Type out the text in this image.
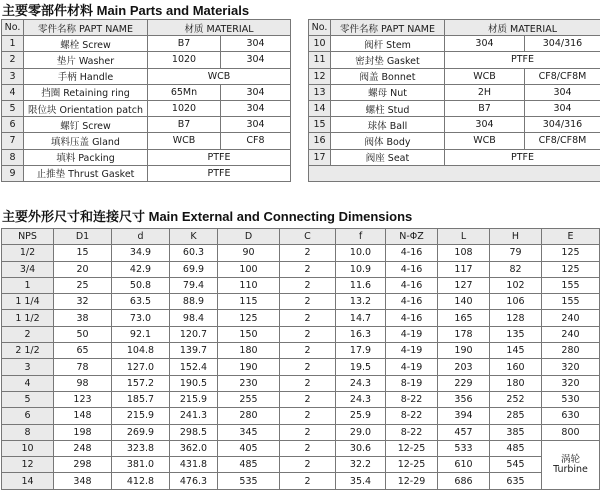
主要零部件材料 Main Parts and Materials
No.	零件名称 PAPT NAME	材质 MATERIAL	
1	螺栓 Screw	B7	304
2	垫片 Washer	1020	304
3	手柄 Handle	WCB	
4	挡圈 Retaining ring	65Mn	304
5	限位块 Orientation patch	1020	304
6	螺钉 Screw	B7	304
7	填料压盖 Gland	WCB	CF8
8	填料 Packing	PTFE	
9	止推垫 Thrust Gasket	PTFE	
No.	零件名称 PAPT NAME	材质 MATERIAL	
10	阀杆 Stem	304	304/316
11	密封垫 Gasket	PTFE	
12	阀盖 Bonnet	WCB	CF8/CF8M
13	螺母 Nut	2H	304
14	螺柱 Stud	B7	304
15	球体 Ball	304	304/316
16	阀体 Body	WCB	CF8/CF8M
17	阀座 Seat	PTFE	

主要外形尺寸和连接尺寸 Main External and Connecting Dimensions
NPS	D1	d	K	D	C	f	N-ΦZ	L	H	E
1/2	15	34.9	60.3	90	2	10.0	4-16	108	79	125
3/4	20	42.9	69.9	100	2	10.9	4-16	117	82	125
1	25	50.8	79.4	110	2	11.6	4-16	127	102	155
1 1/4	32	63.5	88.9	115	2	13.2	4-16	140	106	155
1 1/2	38	73.0	98.4	125	2	14.7	4-16	165	128	240
2	50	92.1	120.7	150	2	16.3	4-19	178	135	240
2 1/2	65	104.8	139.7	180	2	17.9	4-19	190	145	280
3	78	127.0	152.4	190	2	19.5	4-19	203	160	320
4	98	157.2	190.5	230	2	24.3	8-19	229	180	320
5	123	185.7	215.9	255	2	24.3	8-22	356	252	530
6	148	215.9	241.3	280	2	25.9	8-22	394	285	630
8	198	269.9	298.5	345	2	29.0	8-22	457	385	800
10	248	323.8	362.0	405	2	30.6	12-25	533	485	涡轮
Turbine

12	298	381.0	431.8	485	2	32.2	12-25	610	545	
14	348	412.8	476.3	535	2	35.4	12-29	686	635	
